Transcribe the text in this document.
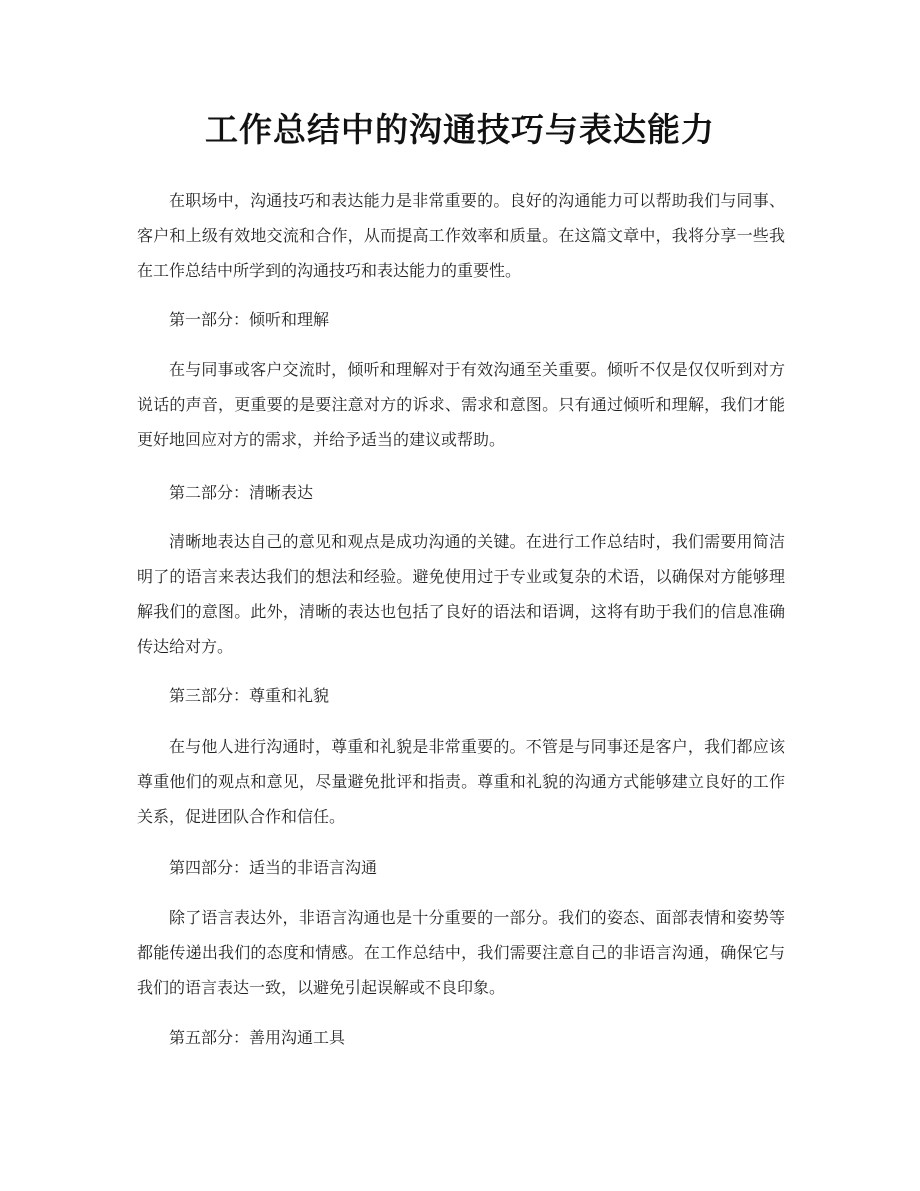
工作总结中的沟通技巧与表达能力

在职场中，沟通技巧和表达能力是非常重要的。良好的沟通能力可以帮助我们与同事、客户和上级有效地交流和合作，从而提高工作效率和质量。在这篇文章中，我将分享一些我在工作总结中所学到的沟通技巧和表达能力的重要性。

第一部分：倾听和理解

在与同事或客户交流时，倾听和理解对于有效沟通至关重要。倾听不仅是仅仅听到对方说话的声音，更重要的是要注意对方的诉求、需求和意图。只有通过倾听和理解，我们才能更好地回应对方的需求，并给予适当的建议或帮助。

第二部分：清晰表达

清晰地表达自己的意见和观点是成功沟通的关键。在进行工作总结时，我们需要用简洁明了的语言来表达我们的想法和经验。避免使用过于专业或复杂的术语，以确保对方能够理解我们的意图。此外，清晰的表达也包括了良好的语法和语调，这将有助于我们的信息准确传达给对方。

第三部分：尊重和礼貌

在与他人进行沟通时，尊重和礼貌是非常重要的。不管是与同事还是客户，我们都应该尊重他们的观点和意见，尽量避免批评和指责。尊重和礼貌的沟通方式能够建立良好的工作关系，促进团队合作和信任。

第四部分：适当的非语言沟通

除了语言表达外，非语言沟通也是十分重要的一部分。我们的姿态、面部表情和姿势等都能传递出我们的态度和情感。在工作总结中，我们需要注意自己的非语言沟通，确保它与我们的语言表达一致，以避免引起误解或不良印象。

第五部分：善用沟通工具
